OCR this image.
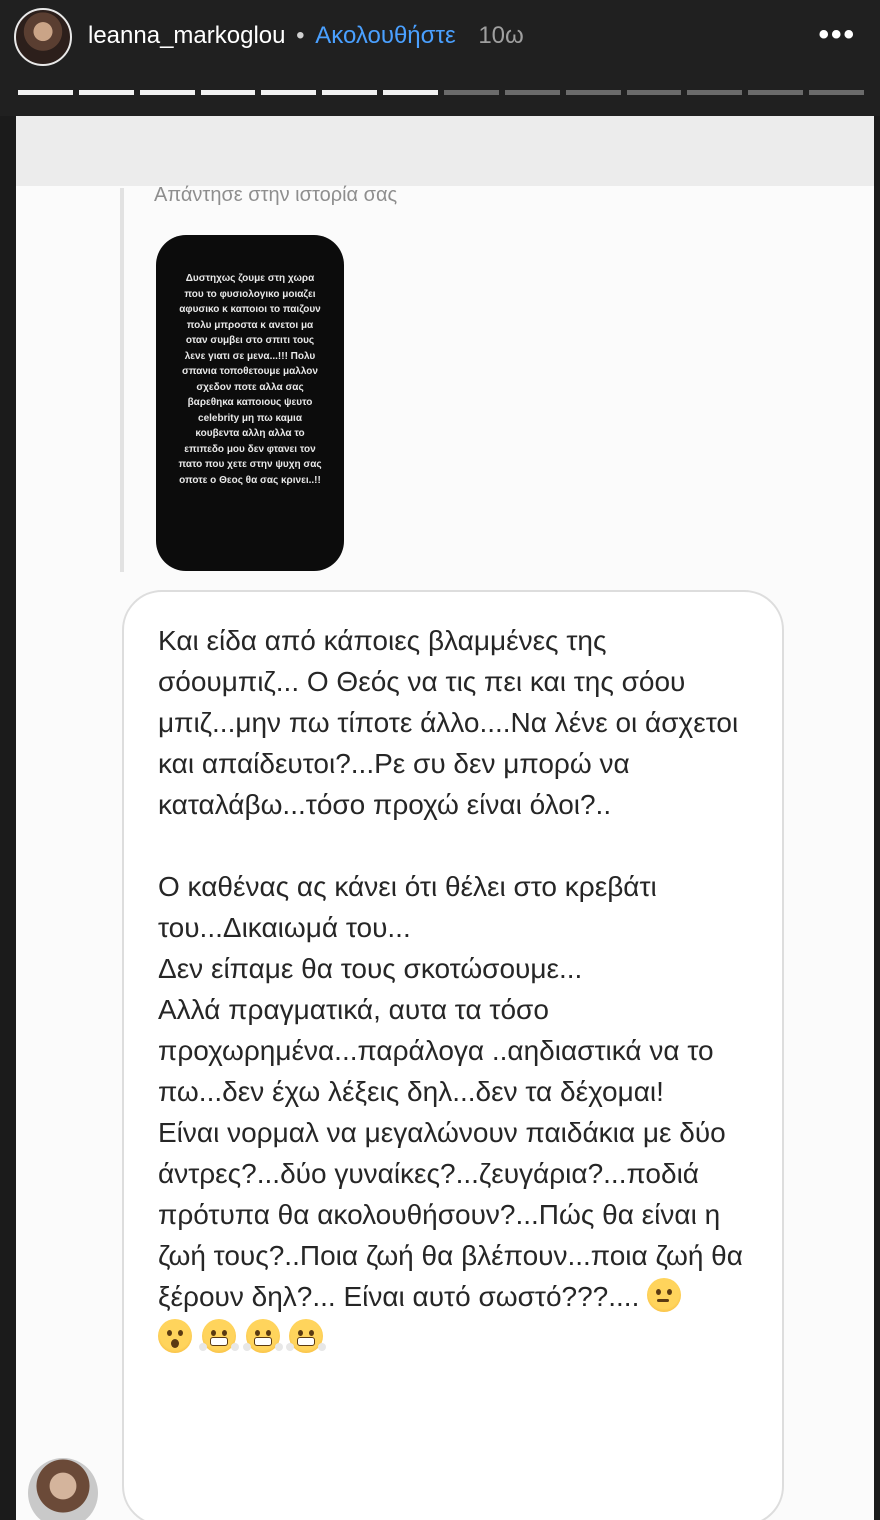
leanna_markoglou • Ακολουθήστε 10ω	•••
Απάντησε στην ιστορία σας
Δυστηχως ζουμε στη χωρα που το φυσιολογικο μοιαζει αφυσικο κ καποιοι το παιζουν πολυ μπροστα κ ανετοι μα οταν συμβει στο σπιτι τους λενε γιατι σε μενα...!!! Πολυ σπανια τοποθετουμε μαλλον σχεδον ποτε αλλα σας βαρεθηκα καποιους ψευτο celebrity μη πω καμια κουβεντα αλλη αλλα το επιπεδο μου δεν φτανει τον πατο που χετε στην ψυχη σας οποτε ο Θεος θα σας κρινει..!!

Και είδα από κάποιες βλαμμένες της σόουμπιζ... Ο Θεός να τις πει και της σόου μπιζ...μην πω τίποτε άλλο....Να λένε οι άσχετοι και απαίδευτοι?...Ρε συ δεν μπορώ να καταλάβω...τόσο προχώ είναι όλοι?..

Ο καθένας ας κάνει ότι θέλει στο κρεβάτι του...Δικαιωμά του...

Δεν είπαμε θα τους σκοτώσουμε...

Αλλά πραγματικά, αυτα τα τόσο προχωρημένα...παράλογα ..αηδιαστικά να το πω...δεν έχω λέξεις δηλ...δεν τα δέχομαι!

Είναι νορμαλ να μεγαλώνουν παιδάκια με δύο άντρες?...δύο γυναίκες?...ζευγάρια?...ποδιά πρότυπα θα ακολουθήσουν?...Πώς θα είναι η ζωή τους?..Ποια ζωή θα βλέπουν...ποια ζωή θα ξέρουν δηλ?... Είναι αυτό σωστό???....
